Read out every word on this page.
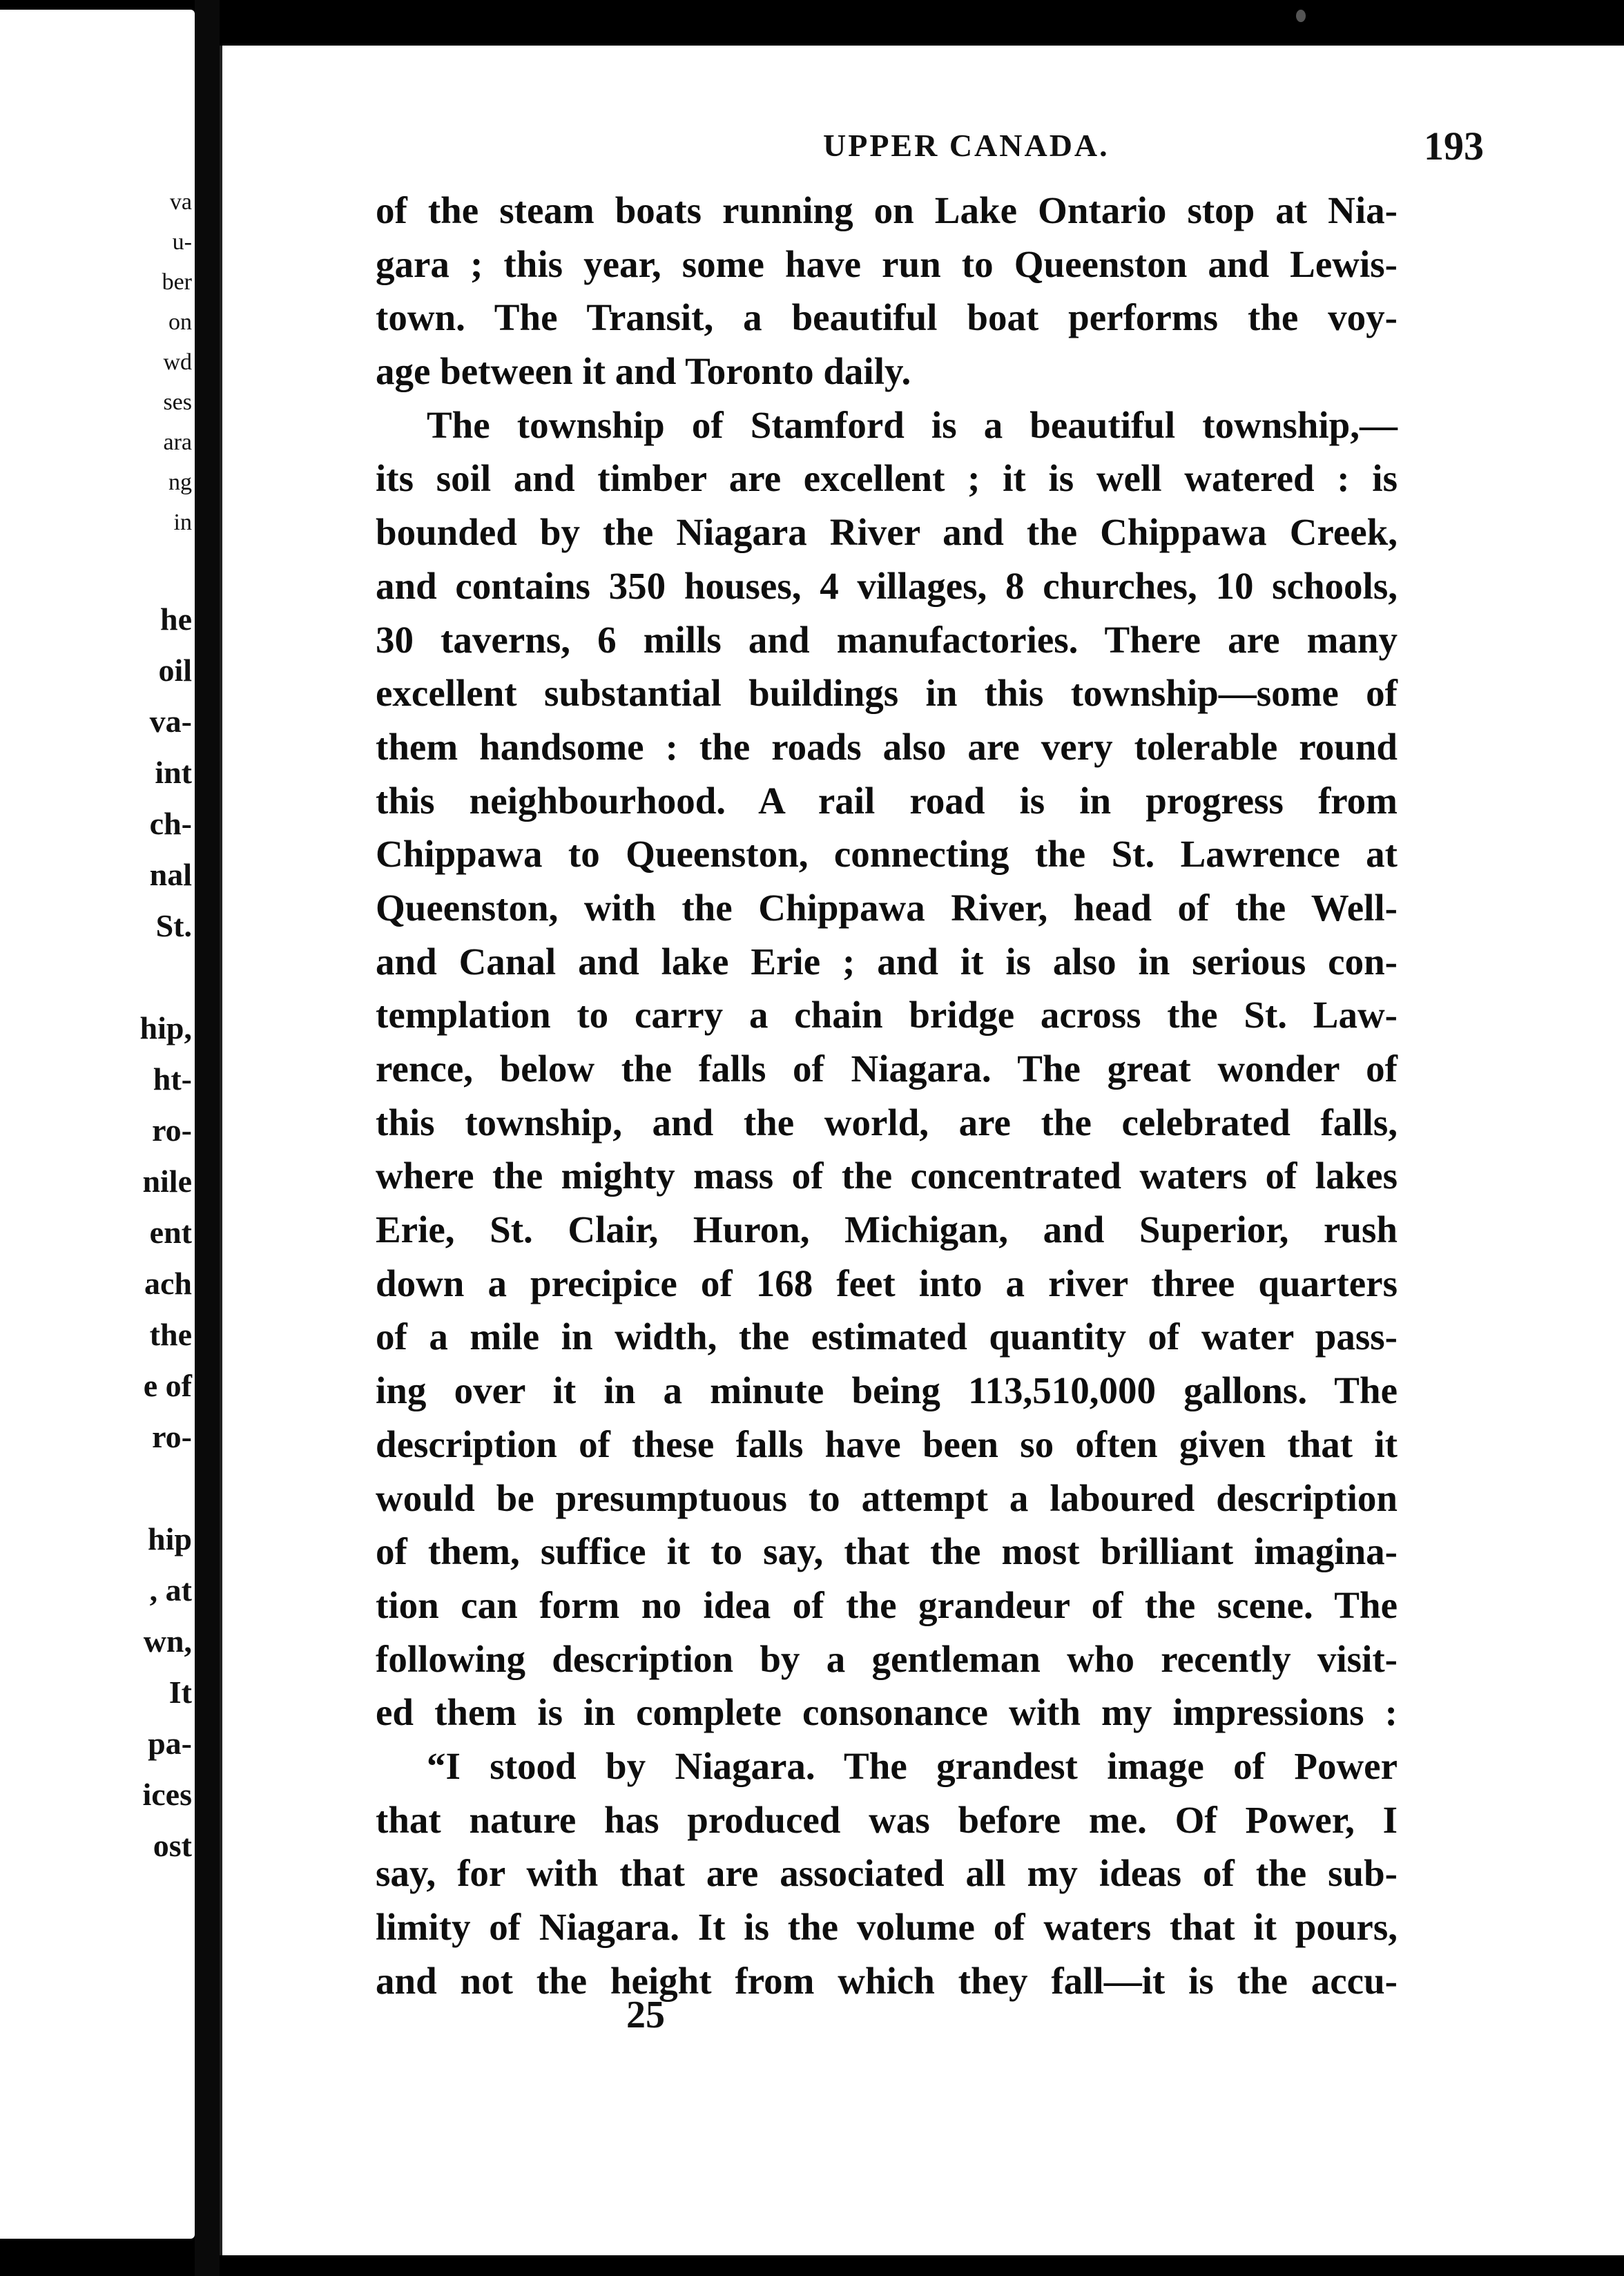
va
u-
ber
on
wd
ses
ara
ng
in
he
oil
va-
int
ch-
nal
St.
hip,
ht-
ro-
nile
ent
ach
the
e of
ro-
hip
, at
wn,
It
pa-
ices
ost
UPPER CANADA.	193
of the steam boats running on Lake Ontario stop at Nia-
gara ; this year, some have run to Queenston and Lewis-
town. The Transit, a beautiful boat performs the voy-
age between it and Toronto daily.
The township of Stamford is a beautiful township,—
its soil and timber are excellent ; it is well watered : is
bounded by the Niagara River and the Chippawa Creek,
and contains 350 houses, 4 villages, 8 churches, 10 schools,
30 taverns, 6 mills and manufactories. There are many
excellent substantial buildings in this township—some of
them handsome : the roads also are very tolerable round
this neighbourhood. A rail road is in progress from
Chippawa to Queenston, connecting the St. Lawrence at
Queenston, with the Chippawa River, head of the Well-
and Canal and lake Erie ; and it is also in serious con-
templation to carry a chain bridge across the St. Law-
rence, below the falls of Niagara. The great wonder of
this township, and the world, are the celebrated falls,
where the mighty mass of the concentrated waters of lakes
Erie, St. Clair, Huron, Michigan, and Superior, rush
down a precipice of 168 feet into a river three quarters
of a mile in width, the estimated quantity of water pass-
ing over it in a minute being 113,510,000 gallons. The
description of these falls have been so often given that it
would be presumptuous to attempt a laboured description
of them, suffice it to say, that the most brilliant imagina-
tion can form no idea of the grandeur of the scene. The
following description by a gentleman who recently visit-
ed them is in complete consonance with my impressions :
“I stood by Niagara. The grandest image of Power
that nature has produced was before me. Of Power, I
say, for with that are associated all my ideas of the sub-
limity of Niagara. It is the volume of waters that it pours,
and not the height from which they fall—it is the accu-
25
